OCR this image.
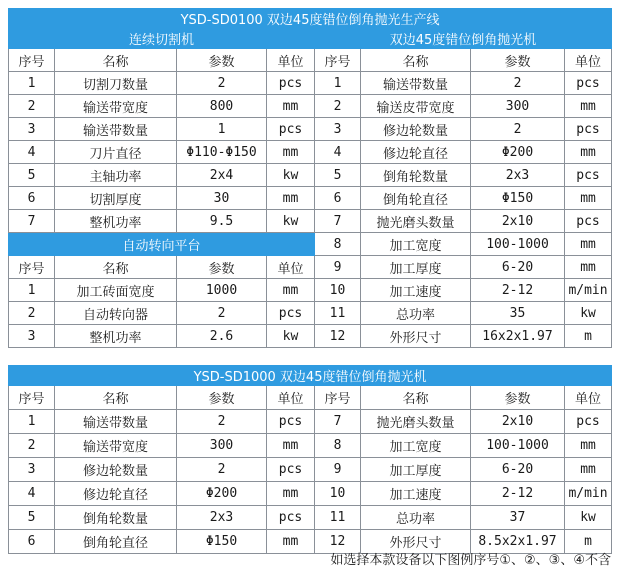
YSD-SD0100 双边45度错位倒角抛光生产线							
连续切割机				双边45度错位倒角抛光机			
序号	名称	参数	单位	序号	名称	参数	单位
1	切割刀数量	2	pcs	1	输送带数量	2	pcs
2	输送带宽度	800	mm	2	输送皮带宽度	300	mm
3	输送带数量	1	pcs	3	修边轮数量	2	pcs
4	刀片直径	Φ110-Φ150	mm	4	修边轮直径	Φ200	mm
5	主轴功率	2x4	kw	5	倒角轮数量	2x3	pcs
6	切割厚度	30	mm	6	倒角轮直径	Φ150	mm
7	整机功率	9.5	kw	7	抛光磨头数量	2x10	pcs
自动转向平台				8	加工宽度	100-1000	mm
序号	名称	参数	单位	9	加工厚度	6-20	mm
1	加工砖面宽度	1000	mm	10	加工速度	2-12	m/min
2	自动转向器	2	pcs	11	总功率	35	kw
3	整机功率	2.6	kw	12	外形尺寸	16x2x1.97	m
YSD-SD1000 双边45度错位倒角抛光机							
序号	名称	参数	单位	序号	名称	参数	单位
1	输送带数量	2	pcs	7	抛光磨头数量	2x10	pcs
2	输送带宽度	300	mm	8	加工宽度	100-1000	mm
3	修边轮数量	2	pcs	9	加工厚度	6-20	mm
4	修边轮直径	Φ200	mm	10	加工速度	2-12	m/min
5	倒角轮数量	2x3	pcs	11	总功率	37	kw
6	倒角轮直径	Φ150	mm	12	外形尺寸	8.5x2x1.97	m
如选择本款设备以下图例序号①、②、③、④不含
